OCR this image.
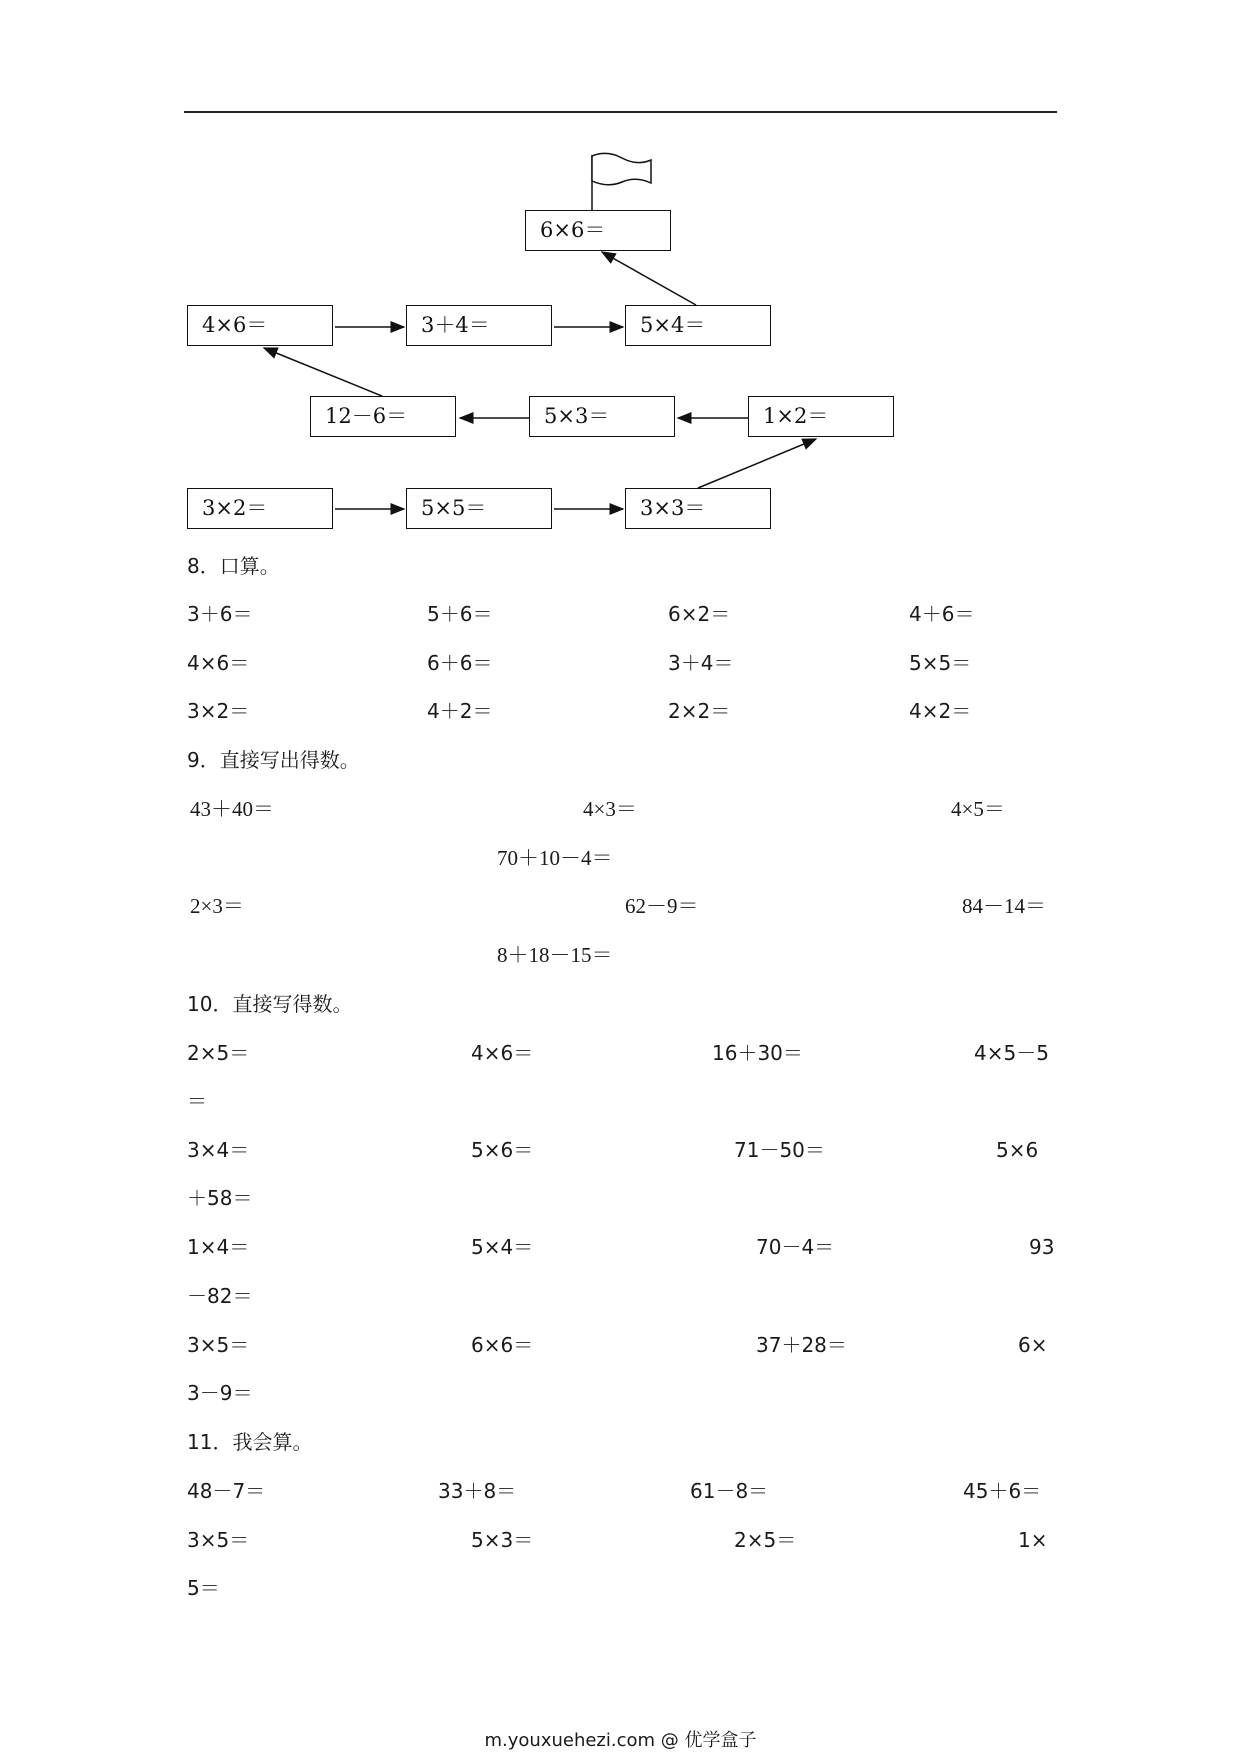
6×6＝
4×6＝	3＋4＝	5×4＝
12－6＝	5×3＝	1×2＝
3×2＝	5×5＝	3×3＝
8．口算。
3＋6＝	5＋6＝	6×2＝	4＋6＝
4×6＝	6＋6＝	3＋4＝	5×5＝
3×2＝	4＋2＝	2×2＝	4×2＝
9．直接写出得数。
43＋40＝	4×3＝	4×5＝
70＋10－4＝
2×3＝	62－9＝	84－14＝
8＋18－15＝
10．直接写得数。
2×5＝	4×6＝	16＋30＝	4×5－5
＝
3×4＝	5×6＝	71－50＝	5×6
＋58＝
1×4＝	5×4＝	70－4＝	93
－82＝
3×5＝	6×6＝	37＋28＝	6×
3－9＝
11．我会算。
48－7＝	33＋8＝	61－8＝	45＋6＝
3×5＝	5×3＝	2×5＝	1×
5＝
m.youxuehezi.com @ 优学盒子
